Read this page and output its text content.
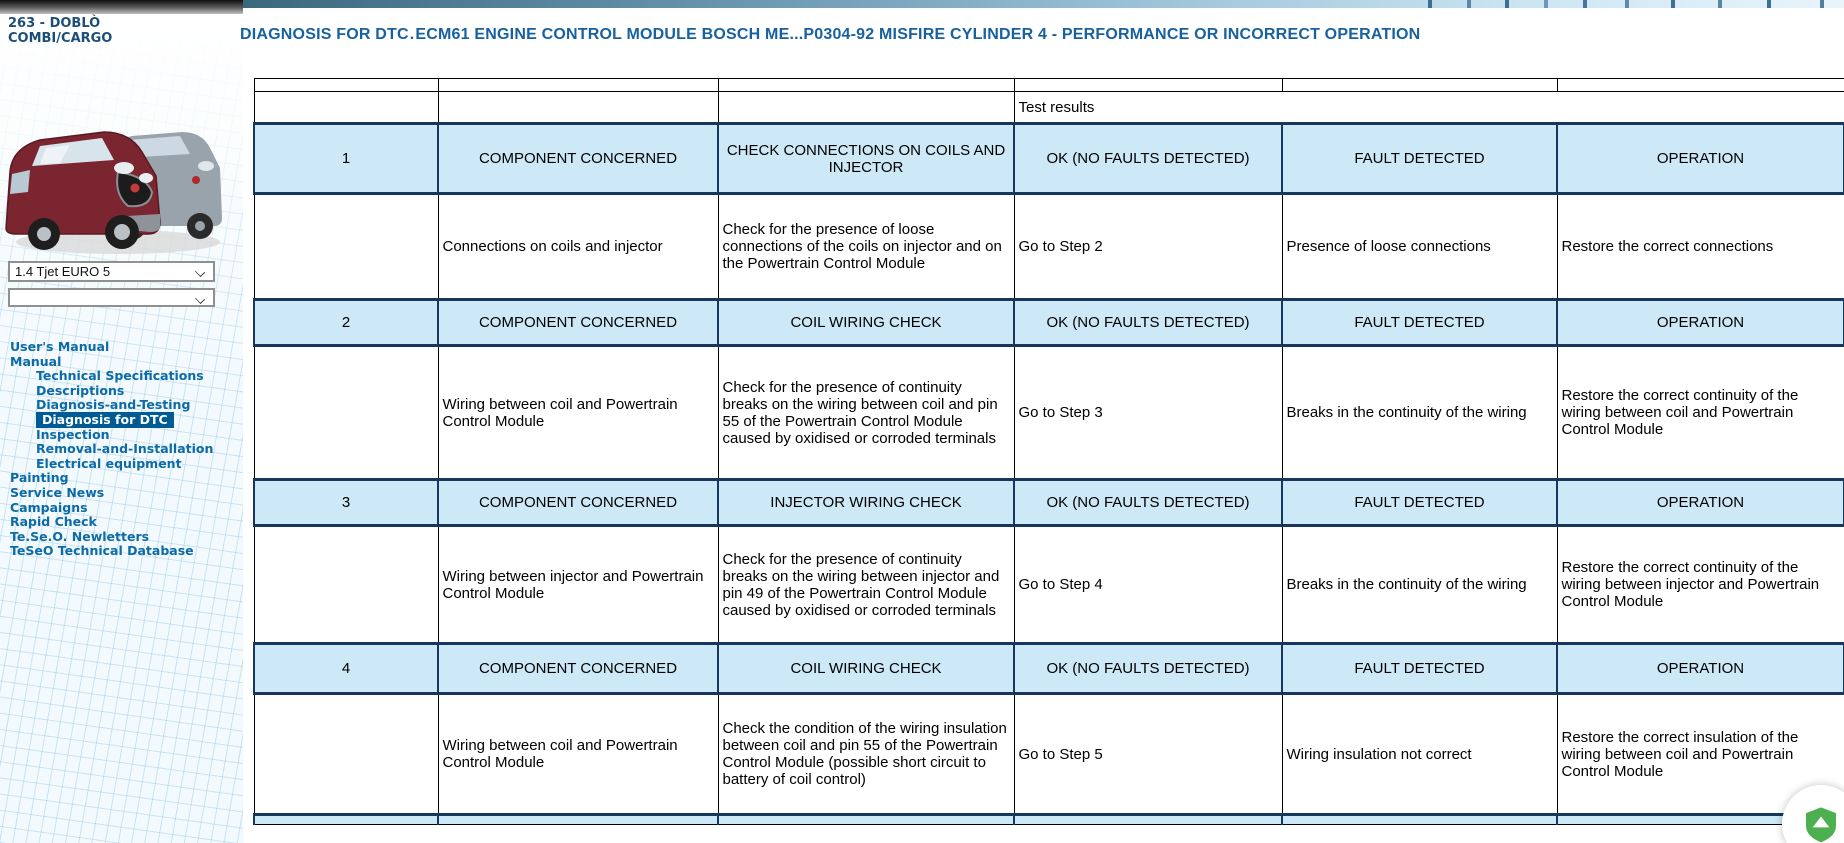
263 - DOBLÒ COMBI/CARGO
1.4 Tjet EURO 5
User's Manual
Manual
Technical Specifications
Descriptions
Diagnosis-and-Testing
Diagnosis for DTC
Inspection
Removal-and-Installation
Electrical equipment
Painting
Service News
Campaigns
Rapid Check
Te.Se.O. Newletters
TeSeO Technical Database
DIAGNOSIS FOR DTC.ECM61 ENGINE CONTROL MODULE BOSCH ME...P0304-92 MISFIRE CYLINDER 4 - PERFORMANCE OR INCORRECT OPERATION

			Test results		
1	COMPONENT CONCERNED	CHECK CONNECTIONS ON COILS AND INJECTOR	OK (NO FAULTS DETECTED)	FAULT DETECTED	OPERATION
	Connections on coils and injector	Check for the presence of loose connections of the coils on injector and on the Powertrain Control Module	Go to Step 2	Presence of loose connections	Restore the correct connections
2	COMPONENT CONCERNED	COIL WIRING CHECK	OK (NO FAULTS DETECTED)	FAULT DETECTED	OPERATION
	Wiring between coil and Powertrain Control Module	Check for the presence of continuity breaks on the wiring between coil and pin 55 of the Powertrain Control Module caused by oxidised or corroded terminals	Go to Step 3	Breaks in the continuity of the wiring	Restore the correct continuity of the wiring between coil and Powertrain Control Module
3	COMPONENT CONCERNED	INJECTOR WIRING CHECK	OK (NO FAULTS DETECTED)	FAULT DETECTED	OPERATION
	Wiring between injector and Powertrain Control Module	Check for the presence of continuity breaks on the wiring between injector and pin 49 of the Powertrain Control Module caused by oxidised or corroded terminals	Go to Step 4	Breaks in the continuity of the wiring	Restore the correct continuity of the wiring between injector and Powertrain Control Module
4	COMPONENT CONCERNED	COIL WIRING CHECK	OK (NO FAULTS DETECTED)	FAULT DETECTED	OPERATION
	Wiring between coil and Powertrain Control Module	Check the condition of the wiring insulation between coil and pin 55 of the Powertrain Control Module (possible short circuit to battery of coil control)	Go to Step 5	Wiring insulation not correct	Restore the correct insulation of the wiring between coil and Powertrain Control Module
